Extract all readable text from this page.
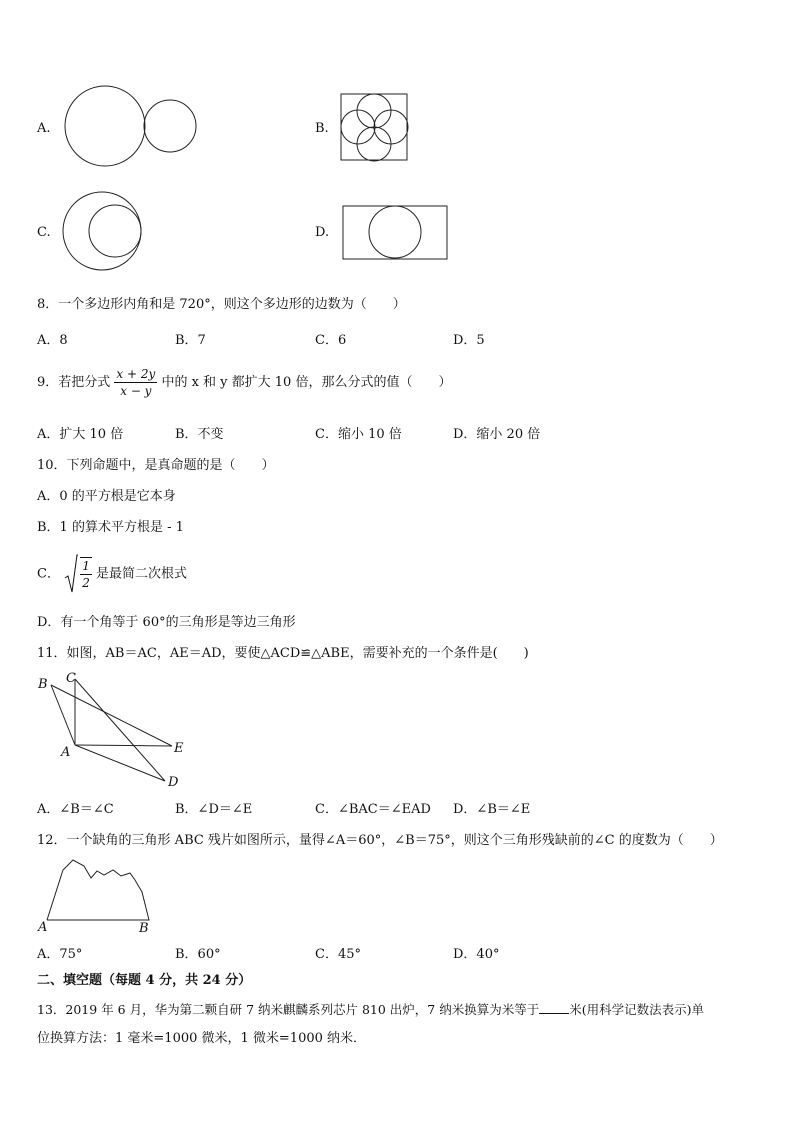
A.	B.
C.	D.
8．一个多边形内角和是 720°，则这个多边形的边数为（　　）
A．8	B．7	C．6	D．5
9．若把分式 $\frac{x + 2y}{x - y}$ 中的 x 和 y 都扩大 10 倍，那么分式的值（　　）
A．扩大 10 倍	B．不变	C．缩小 10 倍	D．缩小 20 倍
10．下列命题中，是真命题的是（　　）
A．0 的平方根是它本身
B．1 的算术平方根是 - 1
C． $\frac{1}{2}$ 是最简二次根式
D．有一个角等于 60°的三角形是等边三角形
11．如图，AB＝AC，AE＝AD，要使△ACD≌△ABE，需要补充的一个条件是(　　)
B C
A	E
D
A．∠B＝∠C	B．∠D＝∠E	C．∠BAC＝∠EAD D．∠B＝∠E
12．一个缺角的三角形 ABC 残片如图所示，量得∠A＝60°，∠B＝75°，则这个三角形残缺前的∠C 的度数为（　　）
A	B
A．75°	B．60°	C．45°	D．40°
二、填空题（每题 4 分，共 24 分）
13．2019 年 6 月，华为第二颗自研 7 纳米麒麟系列芯片 810 出炉，7 纳米换算为米等于 米(用科学记数法表示)单
位换算方法：1 毫米=1000 微米，1 微米=1000 纳米．
